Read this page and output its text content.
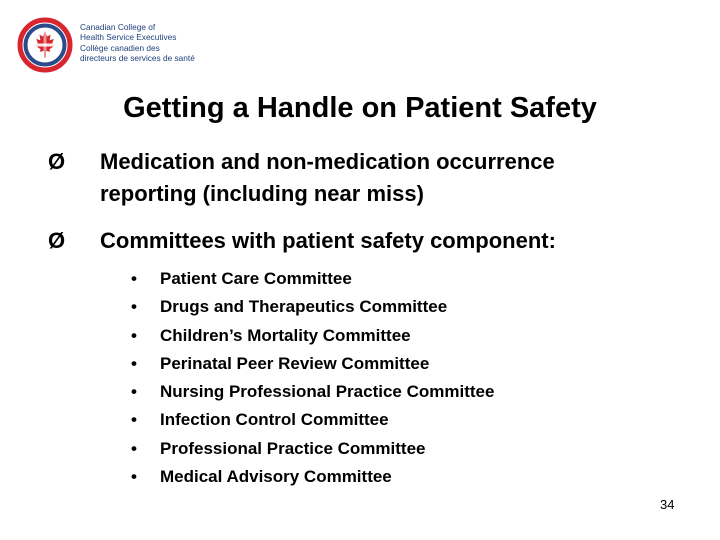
Canadian College of
Health Service Executives
Collège canadien des
directeurs de services de santé
Getting a Handle on Patient Safety
Ø	Medication and non-medication occurrence
reporting (including near miss)
Ø	Committees with patient safety component:
• Patient Care Committee
• Drugs and Therapeutics Committee
• Children’s Mortality Committee
• Perinatal Peer Review Committee
• Nursing Professional Practice Committee
• Infection Control Committee
• Professional Practice Committee
• Medical Advisory Committee
34
